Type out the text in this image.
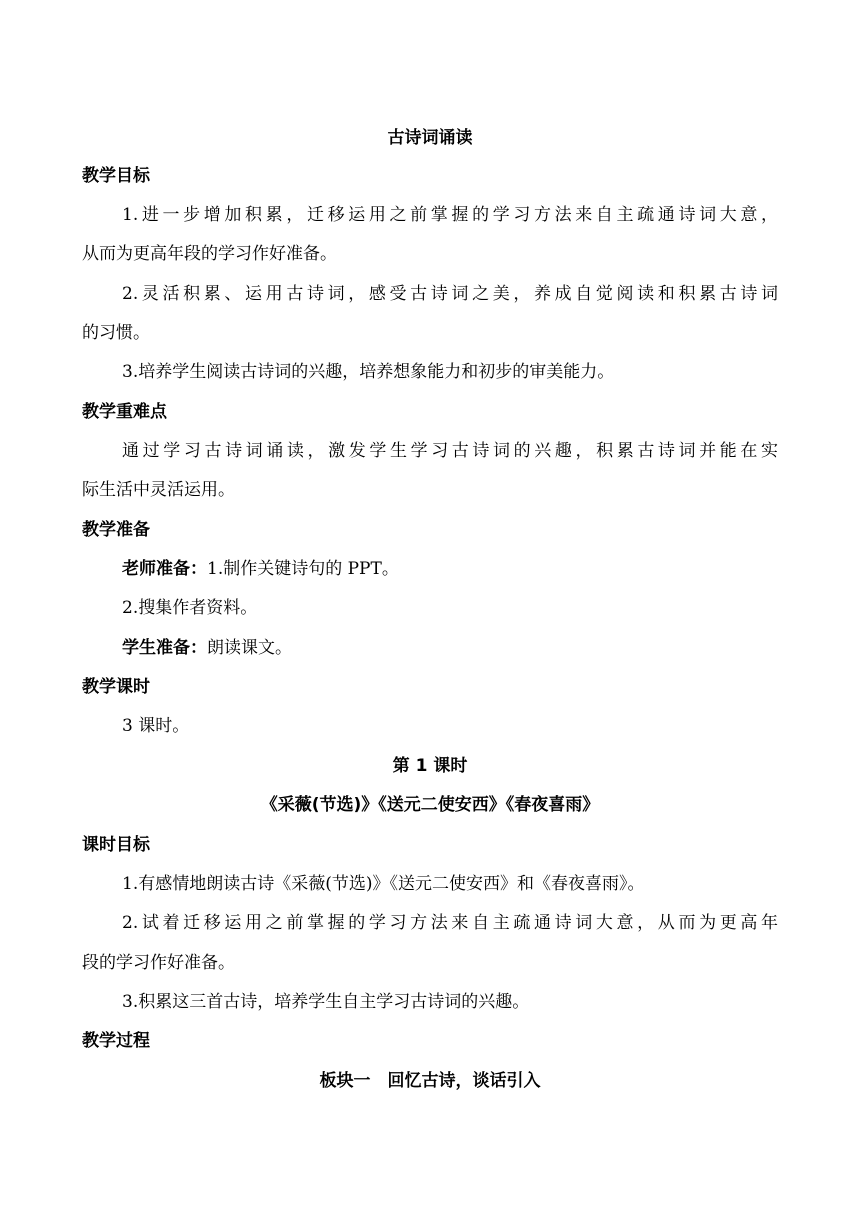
古诗词诵读
教学目标
1.进一步增加积累，迁移运用之前掌握的学习方法来自主疏通诗词大意，
从而为更高年段的学习作好准备。
2.灵活积累、运用古诗词，感受古诗词之美，养成自觉阅读和积累古诗词
的习惯。
3.培养学生阅读古诗词的兴趣，培养想象能力和初步的审美能力。
教学重难点
通过学习古诗词诵读，激发学生学习古诗词的兴趣，积累古诗词并能在实
际生活中灵活运用。
教学准备
老师准备：1.制作关键诗句的 PPT。
2.搜集作者资料。
学生准备：朗读课文。
教学课时
3 课时。
第 1 课时
《采薇(节选)》《送元二使安西》《春夜喜雨》
课时目标
1.有感情地朗读古诗《采薇(节选)》《送元二使安西》和《春夜喜雨》。
2.试着迁移运用之前掌握的学习方法来自主疏通诗词大意，从而为更高年
段的学习作好准备。
3.积累这三首古诗，培养学生自主学习古诗词的兴趣。
教学过程
板块一　回忆古诗，谈话引入
